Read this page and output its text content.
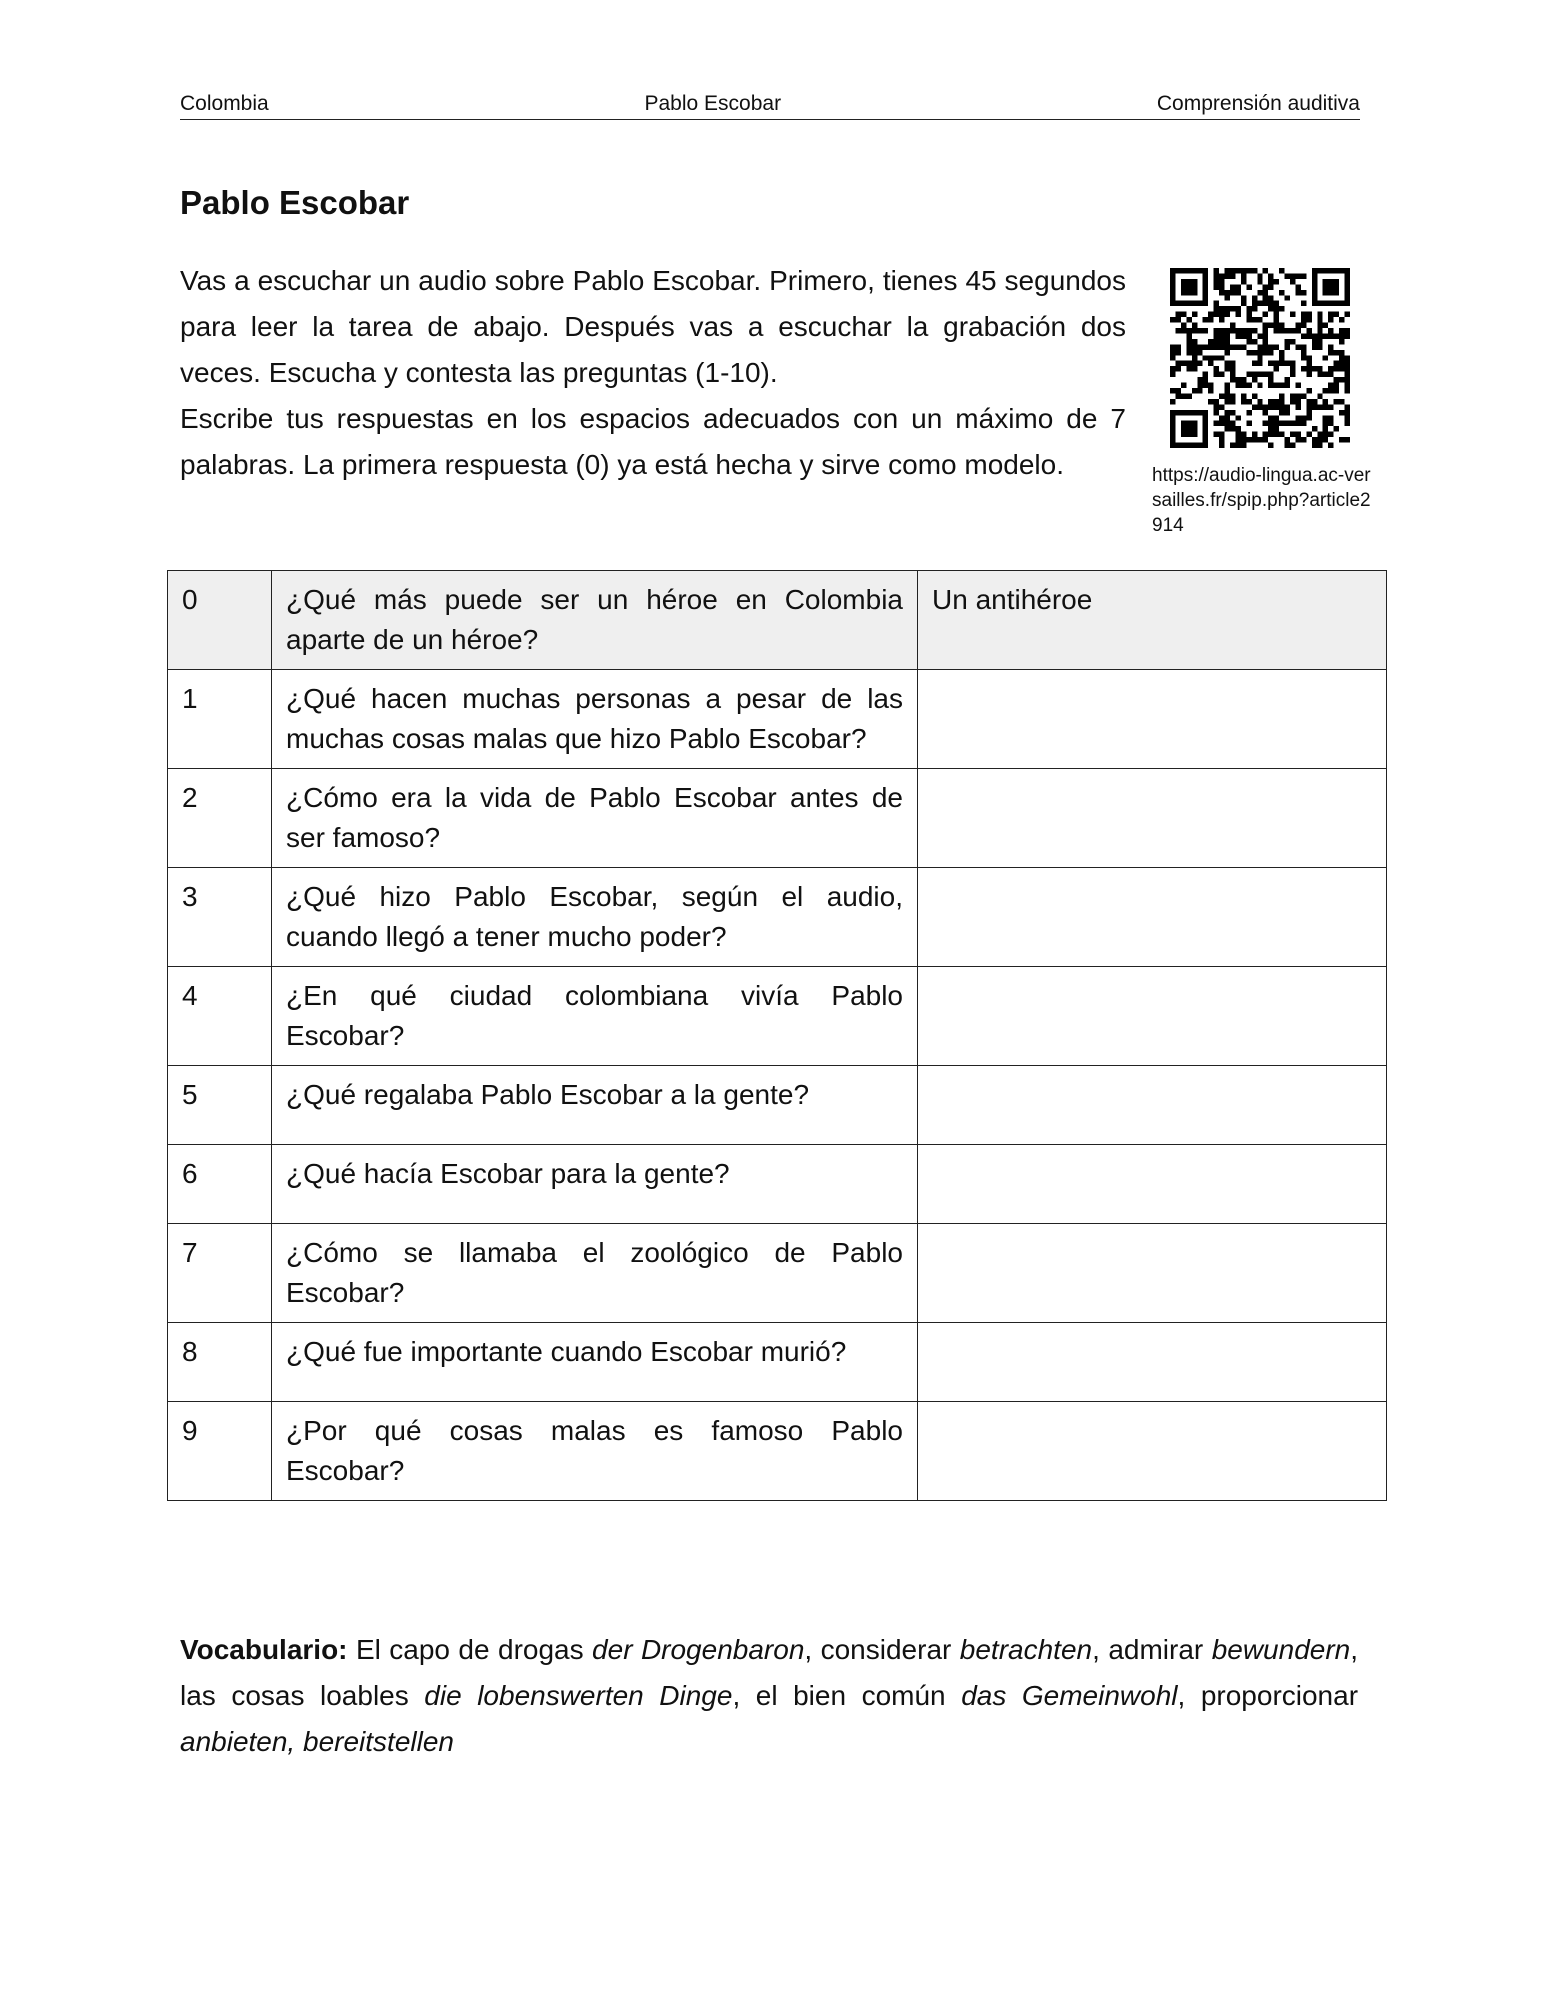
Colombia	Pablo Escobar	Comprensión auditiva
Pablo Escobar

Vas a escuchar un audio sobre Pablo Escobar. Primero, tienes 45 segundos para leer la tarea de abajo. Después vas a escuchar la grabación dos veces. Escucha y contesta las preguntas (1-10).

Escribe tus respuestas en los espacios adecuados con un máximo de 7 palabras. La primera respuesta (0) ya está hecha y sirve como modelo.	https://audio-lingua.ac-versailles.fr/spip.php?article2914
0	¿Qué más puede ser un héroe en Colombia aparte de un héroe?	Un antihéroe
1	¿Qué hacen muchas personas a pesar de las muchas cosas malas que hizo Pablo Escobar?	
2	¿Cómo era la vida de Pablo Escobar antes de ser famoso?	
3	¿Qué hizo Pablo Escobar, según el audio, cuando llegó a tener mucho poder?	
4	¿En qué ciudad colombiana vivía Pablo Escobar?	
5	¿Qué regalaba Pablo Escobar a la gente?	
6	¿Qué hacía Escobar para la gente?	
7	¿Cómo se llamaba el zoológico de Pablo Escobar?	
8	¿Qué fue importante cuando Escobar murió?	
9	¿Por qué cosas malas es famoso Pablo Escobar?	
Vocabulario: El capo de drogas der Drogenbaron, considerar betrachten, admirar bewundern, las cosas loables die lobenswerten Dinge, el bien común das Gemeinwohl, proporcionar anbieten, bereitstellen
